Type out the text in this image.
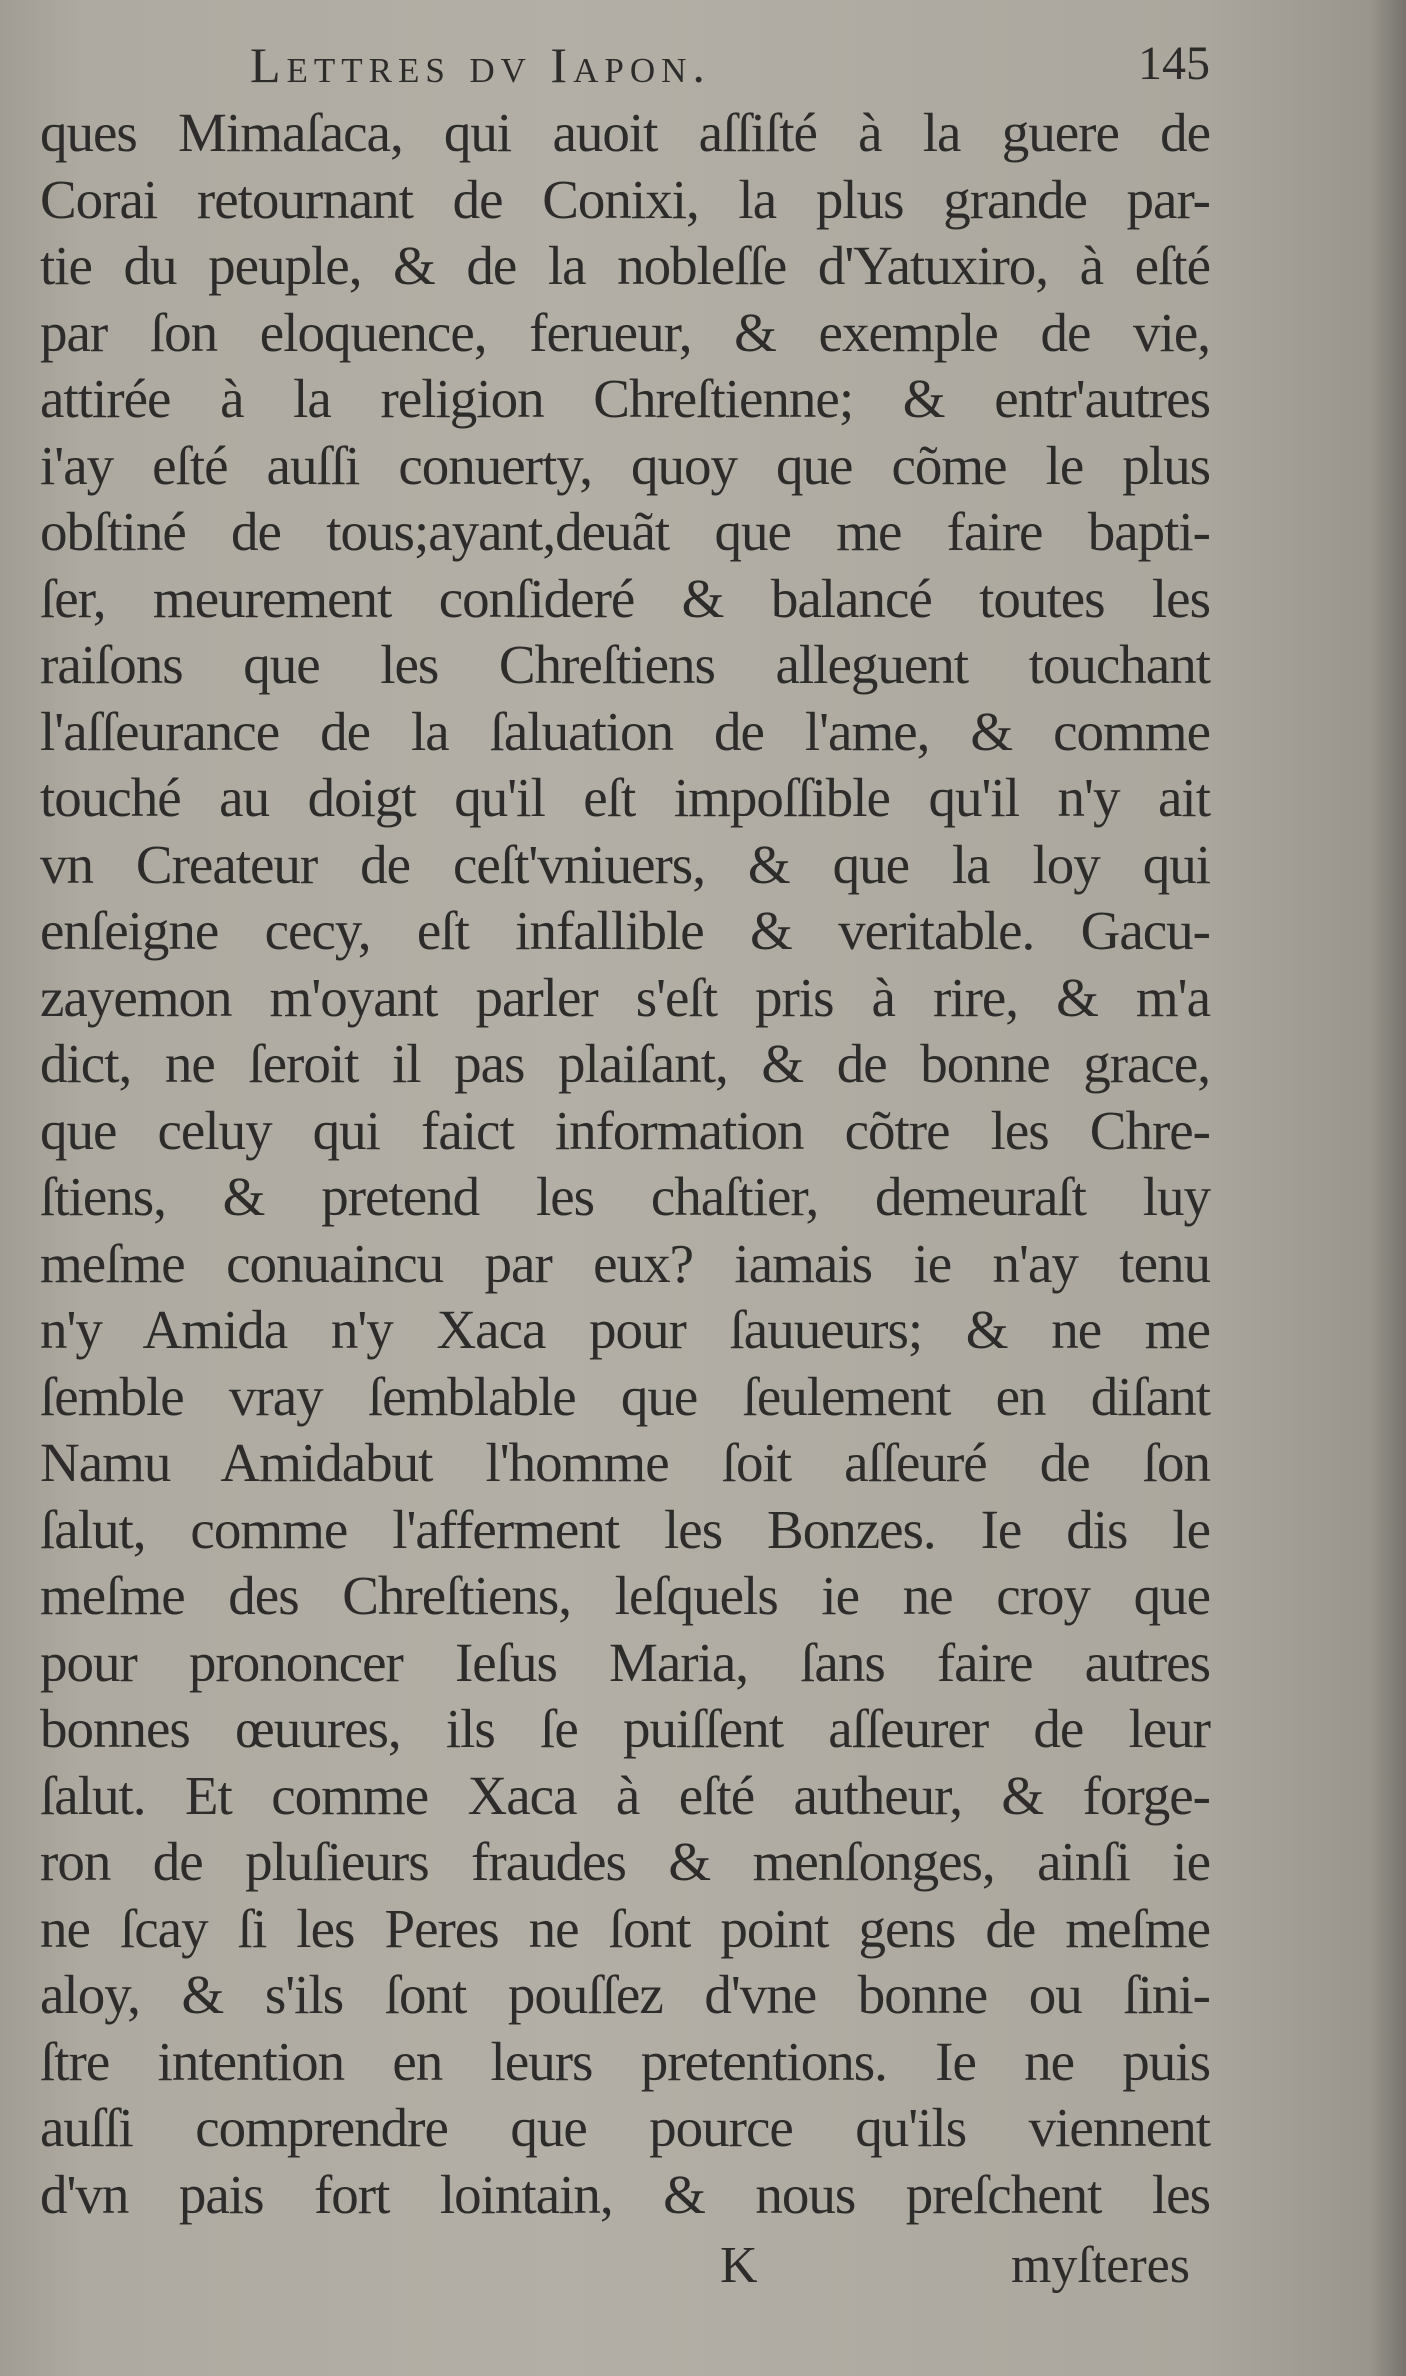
Lettres dv Iapon.	145
ques Mimaſaca, qui auoit aſſiſté à la guere de
Corai retournant de Conixi, la plus grande par-
tie du peuple, & de la nobleſſe d'Yatuxiro, à eſté
par ſon eloquence, ferueur, & exemple de vie,
attirée à la religion Chreſtienne; & entr'autres
i'ay eſté auſſi conuerty, quoy que cõme le plus
obſtiné de tous;ayant,deuãt que me faire bapti-
ſer, meurement conſideré & balancé toutes les
raiſons que les Chreſtiens alleguent touchant
l'aſſeurance de la ſaluation de l'ame, & comme
touché au doigt qu'il eſt impoſſible qu'il n'y ait
vn Createur de ceſt'vniuers, & que la loy qui
enſeigne cecy, eſt infallible & veritable. Gacu-
zayemon m'oyant parler s'eſt pris à rire, & m'a
dict, ne ſeroit il pas plaiſant, & de bonne grace,
que celuy qui faict information cõtre les Chre-
ſtiens, & pretend les chaſtier, demeuraſt luy
meſme conuaincu par eux? iamais ie n'ay tenu
n'y Amida n'y Xaca pour ſauueurs; & ne me
ſemble vray ſemblable que ſeulement en diſant
Namu Amidabut l'homme ſoit aſſeuré de ſon
ſalut, comme l'afferment les Bonzes. Ie dis le
meſme des Chreſtiens, leſquels ie ne croy que
pour prononcer Ieſus Maria, ſans faire autres
bonnes œuures, ils ſe puiſſent aſſeurer de leur
ſalut. Et comme Xaca à eſté autheur, & forge-
ron de pluſieurs fraudes & menſonges, ainſi ie
ne ſcay ſi les Peres ne ſont point gens de meſme
aloy, & s'ils ſont pouſſez d'vne bonne ou ſini-
ſtre intention en leurs pretentions. Ie ne puis
auſſi comprendre que pource qu'ils viennent
d'vn pais fort lointain, & nous preſchent les
K	myſteres
